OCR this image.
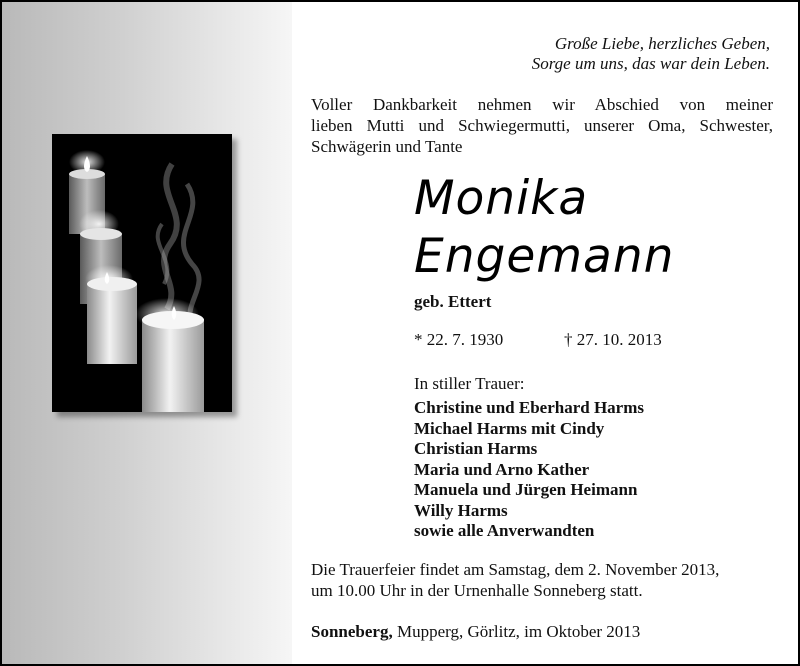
Große Liebe, herzliches Geben,
Sorge um uns, das war dein Leben.
Voller Dankbarkeit nehmen wir Abschied von meiner
lieben Mutti und Schwiegermutti, unserer Oma, Schwester,
Schwägerin und Tante
Monika
Engemann
geb. Ettert
* 22. 7. 1930	† 27. 10. 2013
In stiller Trauer:
Christine und Eberhard Harms
Michael Harms mit Cindy
Christian Harms
Maria und Arno Kather
Manuela und Jürgen Heimann
Willy Harms
sowie alle Anverwandten
Die Trauerfeier findet am Samstag, dem 2. November 2013,
um 10.00 Uhr in der Urnenhalle Sonneberg statt.
Sonneberg, Mupperg, Görlitz, im Oktober 2013
